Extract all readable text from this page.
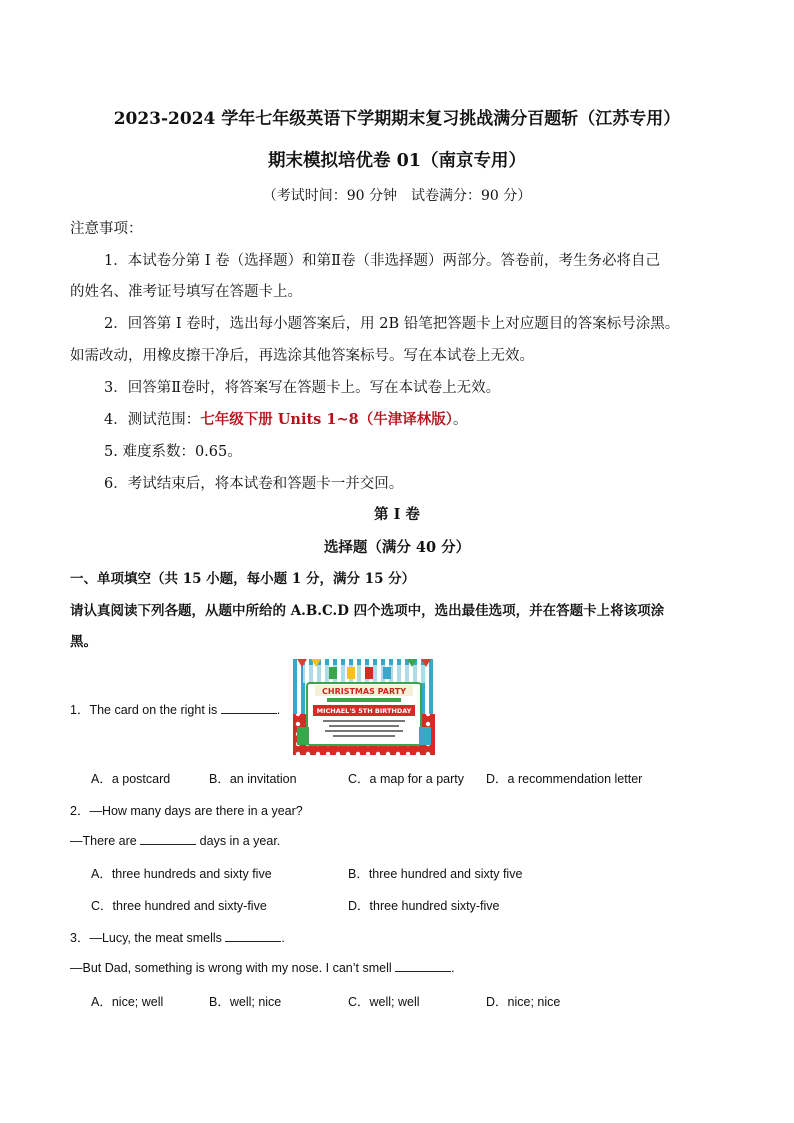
2023-2024 学年七年级英语下学期期末复习挑战满分百题斩（江苏专用）
期末模拟培优卷 01（南京专用）
（考试时间：90 分钟　试卷满分：90 分）
注意事项：
1．本试卷分第 I 卷（选择题）和第Ⅱ卷（非选择题）两部分。答卷前，考生务必将自己
的姓名、准考证号填写在答题卡上。
2．回答第 I 卷时，选出每小题答案后，用 2B 铅笔把答题卡上对应题目的答案标号涂黑。
如需改动，用橡皮擦干净后，再选涂其他答案标号。写在本试卷上无效。
3．回答第Ⅱ卷时，将答案写在答题卡上。写在本试卷上无效。
4．测试范围：七年级下册 Units 1~8（牛津译林版）。
5. 难度系数：0.65。
6．考试结束后，将本试卷和答题卡一并交回。
第 I 卷
选择题（满分 40 分）
一、单项填空（共 15 小题，每小题 1 分，满分 15 分）
请认真阅读下列各题，从题中所给的 A.B.C.D 四个选项中，选出最佳选项，并在答题卡上将该项涂
黑。
CHRISTMAS PARTY
MICHAEL'S 5TH BIRTHDAY
1．The card on the right is	.
A．a postcard	B．an invitation	C．a map for a party D．a recommendation letter
2．—How many days are there in a year?
—There are	days in a year.
A．three hundreds and sixty five	B．three hundred and sixty five
C．three hundred and sixty-five	D．three hundred sixty-five
3．—Lucy, the meat smells	.
—But Dad, something is wrong with my nose. I can’t smell	.
A．nice; well	B．well; nice	C．well; well	D．nice; nice
